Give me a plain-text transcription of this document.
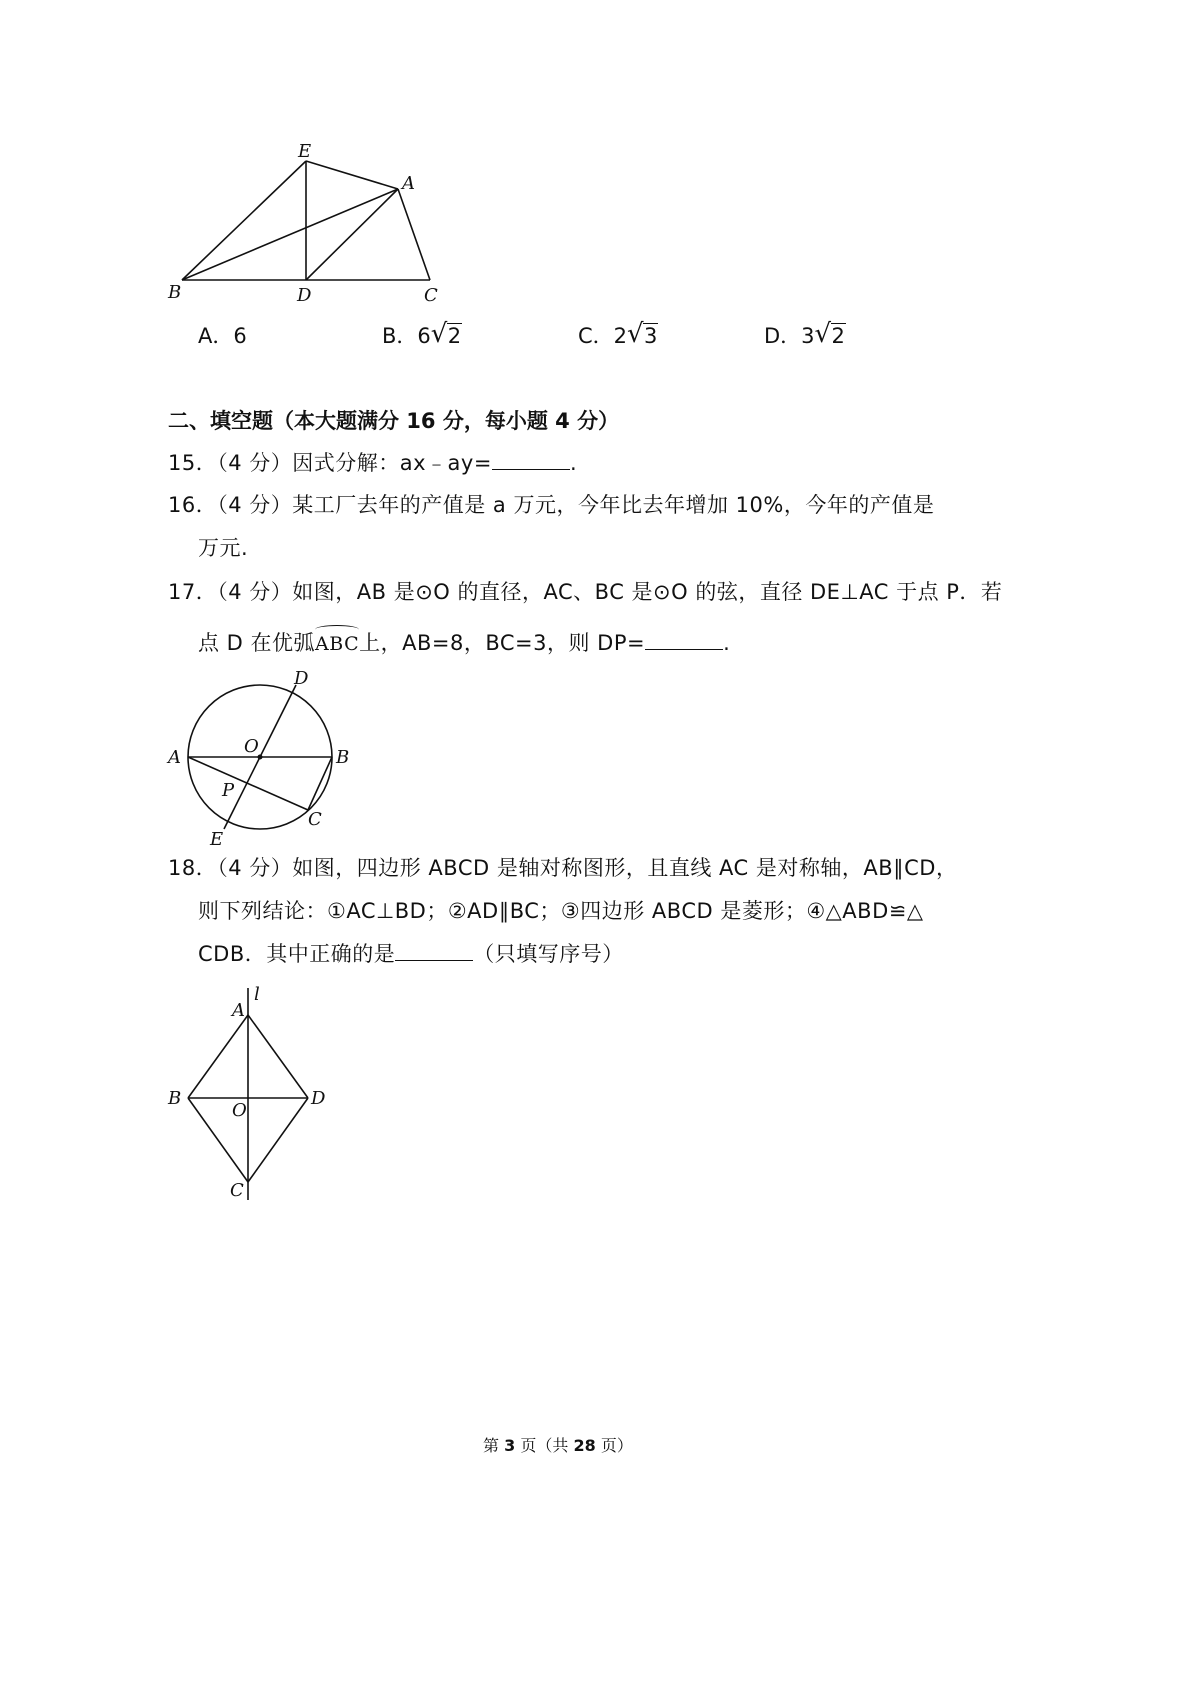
E
A
B	D	C
A．6	B．6 √ 2	C．2 √ 3	D．3 √ 2
二、填空题（本大题满分 16 分，每小题 4 分）
15．（4 分）因式分解：ax﹣ay=	.
16．（4 分）某工厂去年的产值是 a 万元，今年比去年增加 10%，今年的产值是
万元.
17．（4 分）如图，AB 是⊙O 的直径，AC、BC 是⊙O 的弦，直径 DE⊥AC 于点 P．若
点 D 在优弧ABC上，AB=8，BC=3，则 DP=	.
D
A
O
B
P
E
C
18．（4 分）如图，四边形 ABCD 是轴对称图形，且直线 AC 是对称轴，AB∥CD，
则下列结论：①AC⊥BD；②AD∥BC；③四边形 ABCD 是菱形；④△ABD≌△
CDB．其中正确的是	（只填写序号）
l
A
B
O
D
C
第 3 页（共 28 页）
